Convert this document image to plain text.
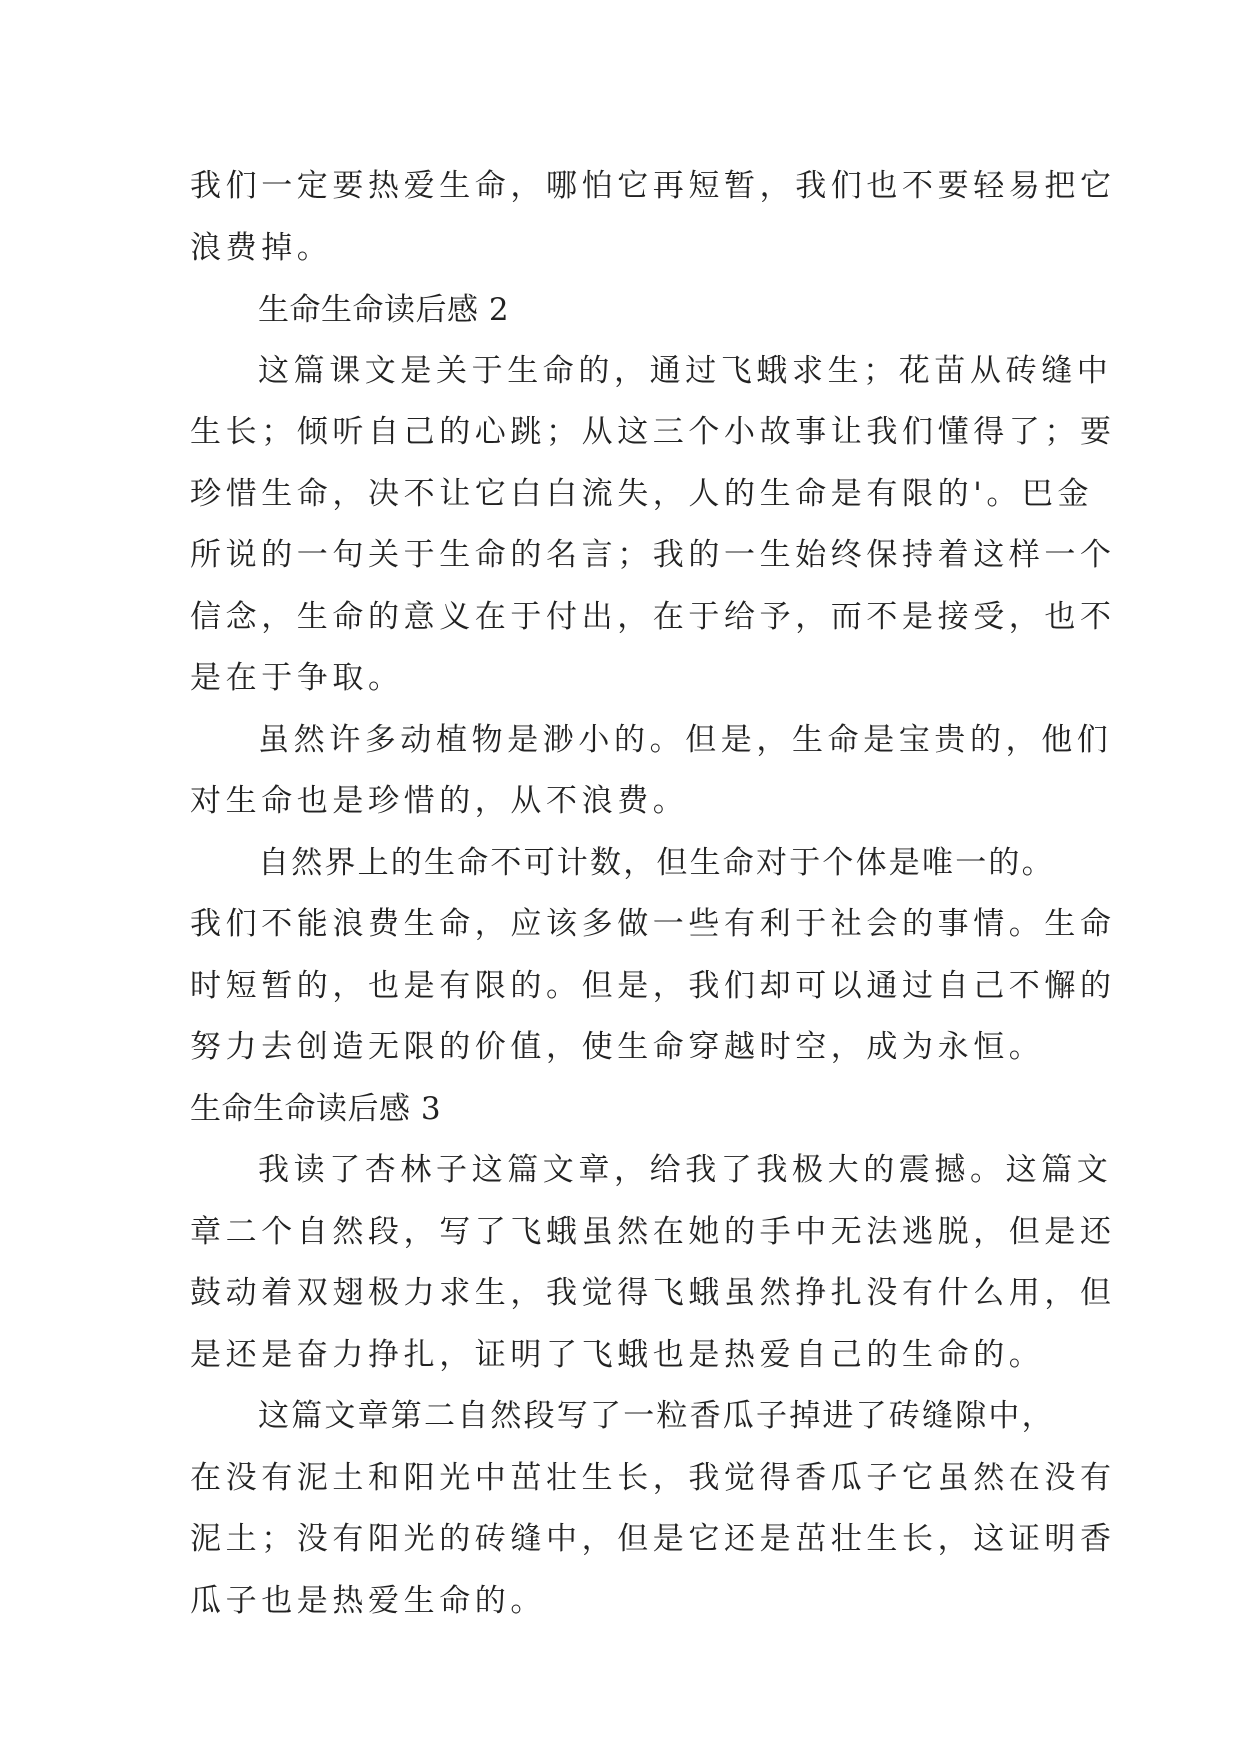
我们一定要热爱生命，哪怕它再短暂，我们也不要轻易把它
浪费掉。
生命生命读后感 2
这篇课文是关于生命的，通过飞蛾求生；花苗从砖缝中
生长；倾听自己的心跳；从这三个小故事让我们懂得了；要
珍惜生命，决不让它白白流失，人的生命是有限的'。巴金
所说的一句关于生命的名言；我的一生始终保持着这样一个
信念，生命的意义在于付出，在于给予，而不是接受，也不
是在于争取。
虽然许多动植物是渺小的。但是，生命是宝贵的，他们
对生命也是珍惜的，从不浪费。
自然界上的生命不可计数，但生命对于个体是唯一的。
我们不能浪费生命，应该多做一些有利于社会的事情。生命
时短暂的，也是有限的。但是，我们却可以通过自己不懈的
努力去创造无限的价值，使生命穿越时空，成为永恒。
生命生命读后感 3
我读了杏林子这篇文章，给我了我极大的震撼。这篇文
章二个自然段，写了飞蛾虽然在她的手中无法逃脱，但是还
鼓动着双翅极力求生，我觉得飞蛾虽然挣扎没有什么用，但
是还是奋力挣扎，证明了飞蛾也是热爱自己的生命的。
这篇文章第二自然段写了一粒香瓜子掉进了砖缝隙中，
在没有泥土和阳光中茁壮生长，我觉得香瓜子它虽然在没有
泥土；没有阳光的砖缝中，但是它还是茁壮生长，这证明香
瓜子也是热爱生命的。
